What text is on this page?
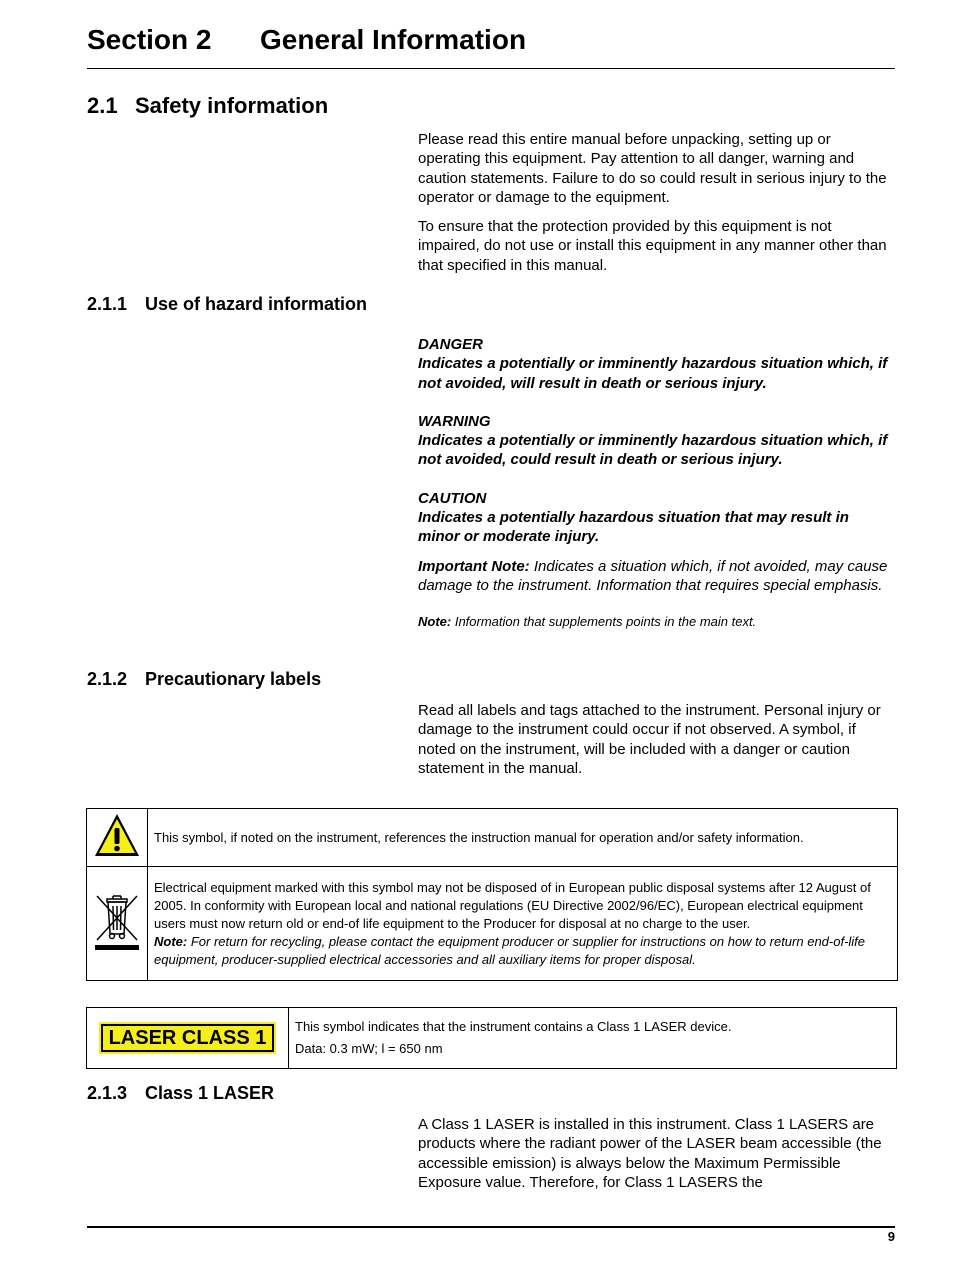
Section 2 General Information
2.1 Safety information

Please read this entire manual before unpacking, setting up or operating this equipment. Pay attention to all danger, warning and caution statements. Failure to do so could result in serious injury to the operator or damage to the equipment.

To ensure that the protection provided by this equipment is not impaired, do not use or install this equipment in any manner other than that specified in this manual.

2.1.1 Use of hazard information

DANGER

Indicates a potentially or imminently hazardous situation which, if not avoided, will result in death or serious injury.

WARNING

Indicates a potentially or imminently hazardous situation which, if not avoided, could result in death or serious injury.

CAUTION

Indicates a potentially hazardous situation that may result in minor or moderate injury.

Important Note: Indicates a situation which, if not avoided, may cause damage to the instrument. Information that requires special emphasis.

Note: Information that supplements points in the main text.

2.1.2 Precautionary labels

Read all labels and tags attached to the instrument. Personal injury or damage to the instrument could occur if not observed. A symbol, if noted on the instrument, will be included with a danger or caution statement in the manual.

This symbol, if noted on the instrument, references the instruction manual for operation and/or safety information.

Electrical equipment marked with this symbol may not be disposed of in European public disposal systems after 12 August of 2005. In conformity with European local and national regulations (EU Directive 2002/96/EC), European electrical equipment users must now return old or end-of life equipment to the Producer for disposal at no charge to the user.

Note: For return for recycling, please contact the equipment producer or supplier for instructions on how to return end-of-life equipment, producer-supplied electrical accessories and all auxiliary items for proper disposal.

LASER CLASS 1	

This symbol indicates that the instrument contains a Class 1 LASER device.

Data: 0.3 mW; l = 650 nm

2.1.3 Class 1 LASER

A Class 1 LASER is installed in this instrument. Class 1 LASERS are products where the radiant power of the LASER beam accessible (the accessible emission) is always below the Maximum Permissible Exposure value. Therefore, for Class 1 LASERS the

9
